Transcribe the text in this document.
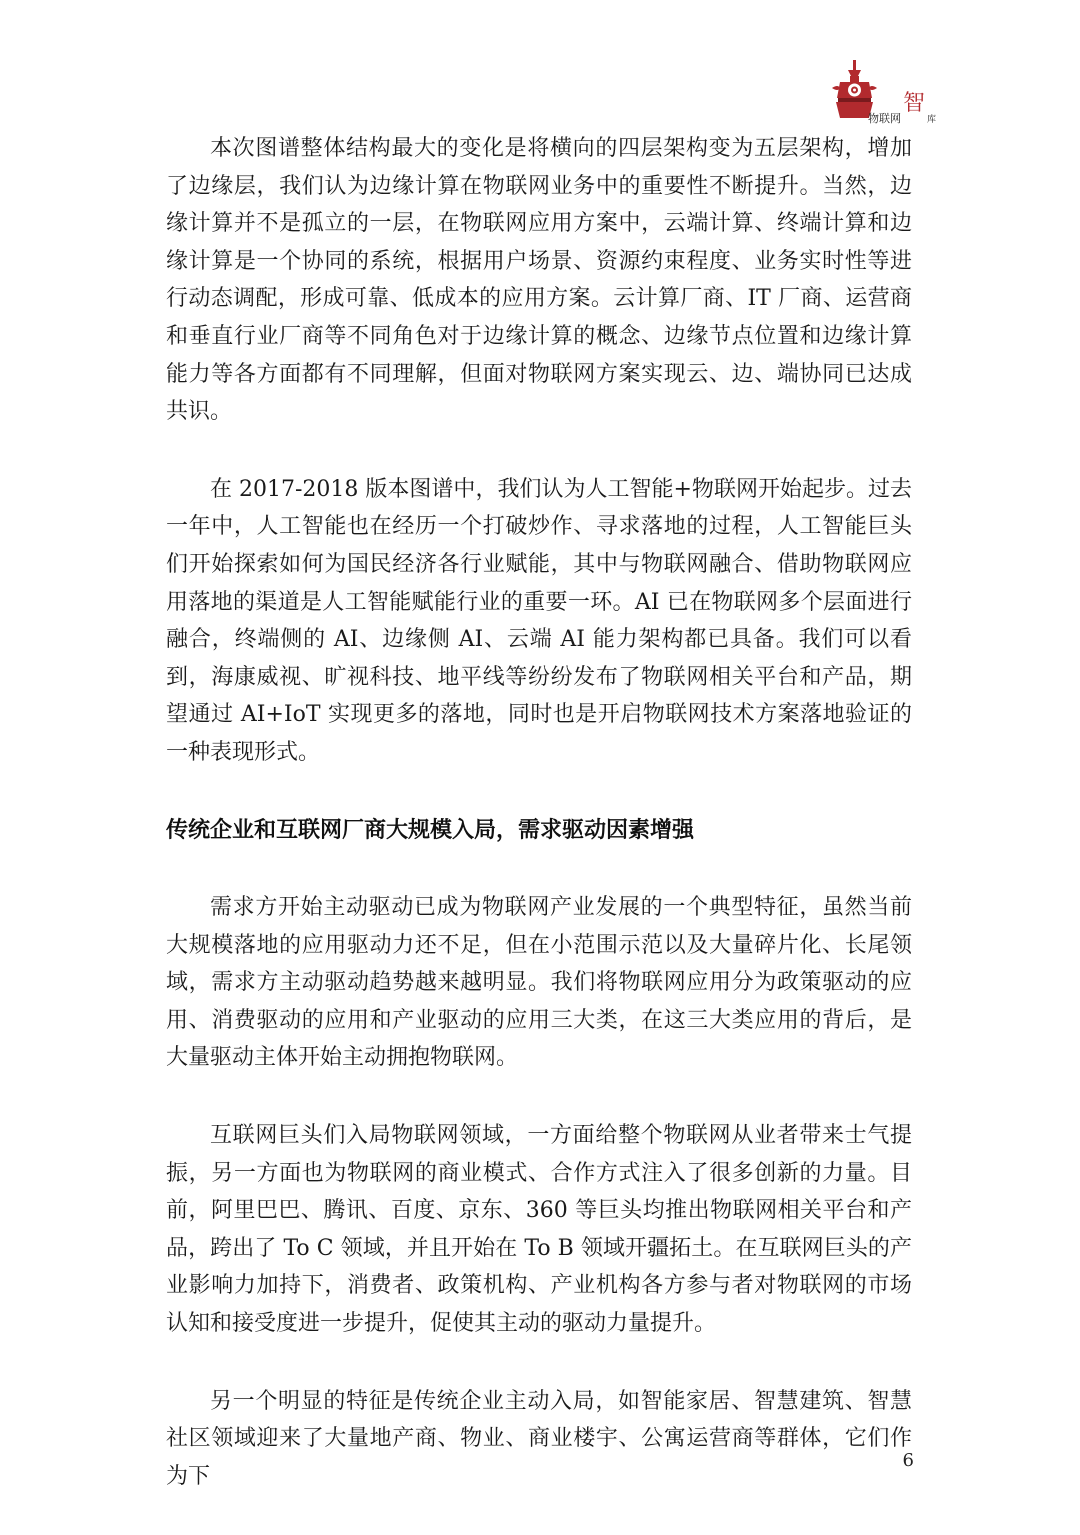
物联网智库

本次图谱整体结构最大的变化是将横向的四层架构变为五层架构，增加了边缘层，我们认为边缘计算在物联网业务中的重要性不断提升。当然，边缘计算并不是孤立的一层，在物联网应用方案中，云端计算、终端计算和边缘计算是一个协同的系统，根据用户场景、资源约束程度、业务实时性等进行动态调配，形成可靠、低成本的应用方案。云计算厂商、IT 厂商、运营商和垂直行业厂商等不同角色对于边缘计算的概念、边缘节点位置和边缘计算能力等各方面都有不同理解，但面对物联网方案实现云、边、端协同已达成共识。

在 2017-2018 版本图谱中，我们认为人工智能+物联网开始起步。过去一年中，人工智能也在经历一个打破炒作、寻求落地的过程，人工智能巨头们开始探索如何为国民经济各行业赋能，其中与物联网融合、借助物联网应用落地的渠道是人工智能赋能行业的重要一环。AI 已在物联网多个层面进行融合，终端侧的 AI、边缘侧 AI、云端 AI 能力架构都已具备。我们可以看到，海康威视、旷视科技、地平线等纷纷发布了物联网相关平台和产品，期望通过 AI+IoT 实现更多的落地，同时也是开启物联网技术方案落地验证的一种表现形式。

传统企业和互联网厂商大规模入局，需求驱动因素增强

需求方开始主动驱动已成为物联网产业发展的一个典型特征，虽然当前大规模落地的应用驱动力还不足，但在小范围示范以及大量碎片化、长尾领域，需求方主动驱动趋势越来越明显。我们将物联网应用分为政策驱动的应用、消费驱动的应用和产业驱动的应用三大类，在这三大类应用的背后，是大量驱动主体开始主动拥抱物联网。

互联网巨头们入局物联网领域，一方面给整个物联网从业者带来士气提振，另一方面也为物联网的商业模式、合作方式注入了很多创新的力量。目前，阿里巴巴、腾讯、百度、京东、360 等巨头均推出物联网相关平台和产品，跨出了 To C 领域，并且开始在 To B 领域开疆拓土。在互联网巨头的产业影响力加持下，消费者、政策机构、产业机构各方参与者对物联网的市场认知和接受度进一步提升，促使其主动的驱动力量提升。

另一个明显的特征是传统企业主动入局，如智能家居、智慧建筑、智慧社区领域迎来了大量地产商、物业、商业楼宇、公寓运营商等群体，它们作为下

6
